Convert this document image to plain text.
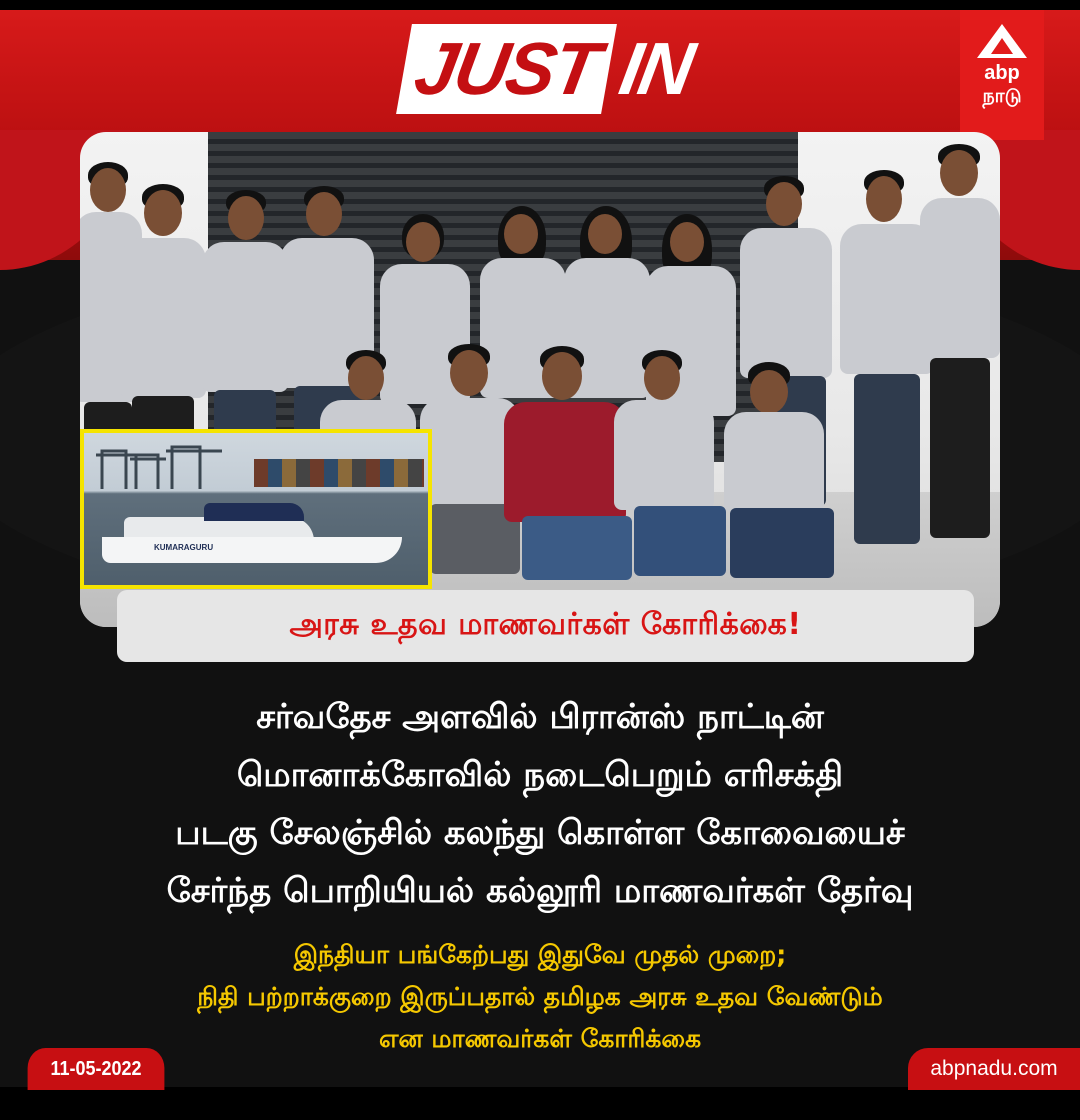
JUST IN	abp
நாடு
KUMARAGURU
அரசு உதவ மாணவர்கள் கோரிக்கை!
சர்வதேச அளவில் பிரான்ஸ் நாட்டின்
மொனாக்கோவில் நடைபெறும் எரிசக்தி
படகு சேலஞ்சில் கலந்து கொள்ள கோவையைச்
சேர்ந்த பொறியியல் கல்லூரி மாணவர்கள் தேர்வு
இந்தியா பங்கேற்பது இதுவே முதல் முறை;
நிதி பற்றாக்குறை இருப்பதால் தமிழக அரசு உதவ வேண்டும்
என மாணவர்கள் கோரிக்கை
11-05-2022	abpnadu.com
